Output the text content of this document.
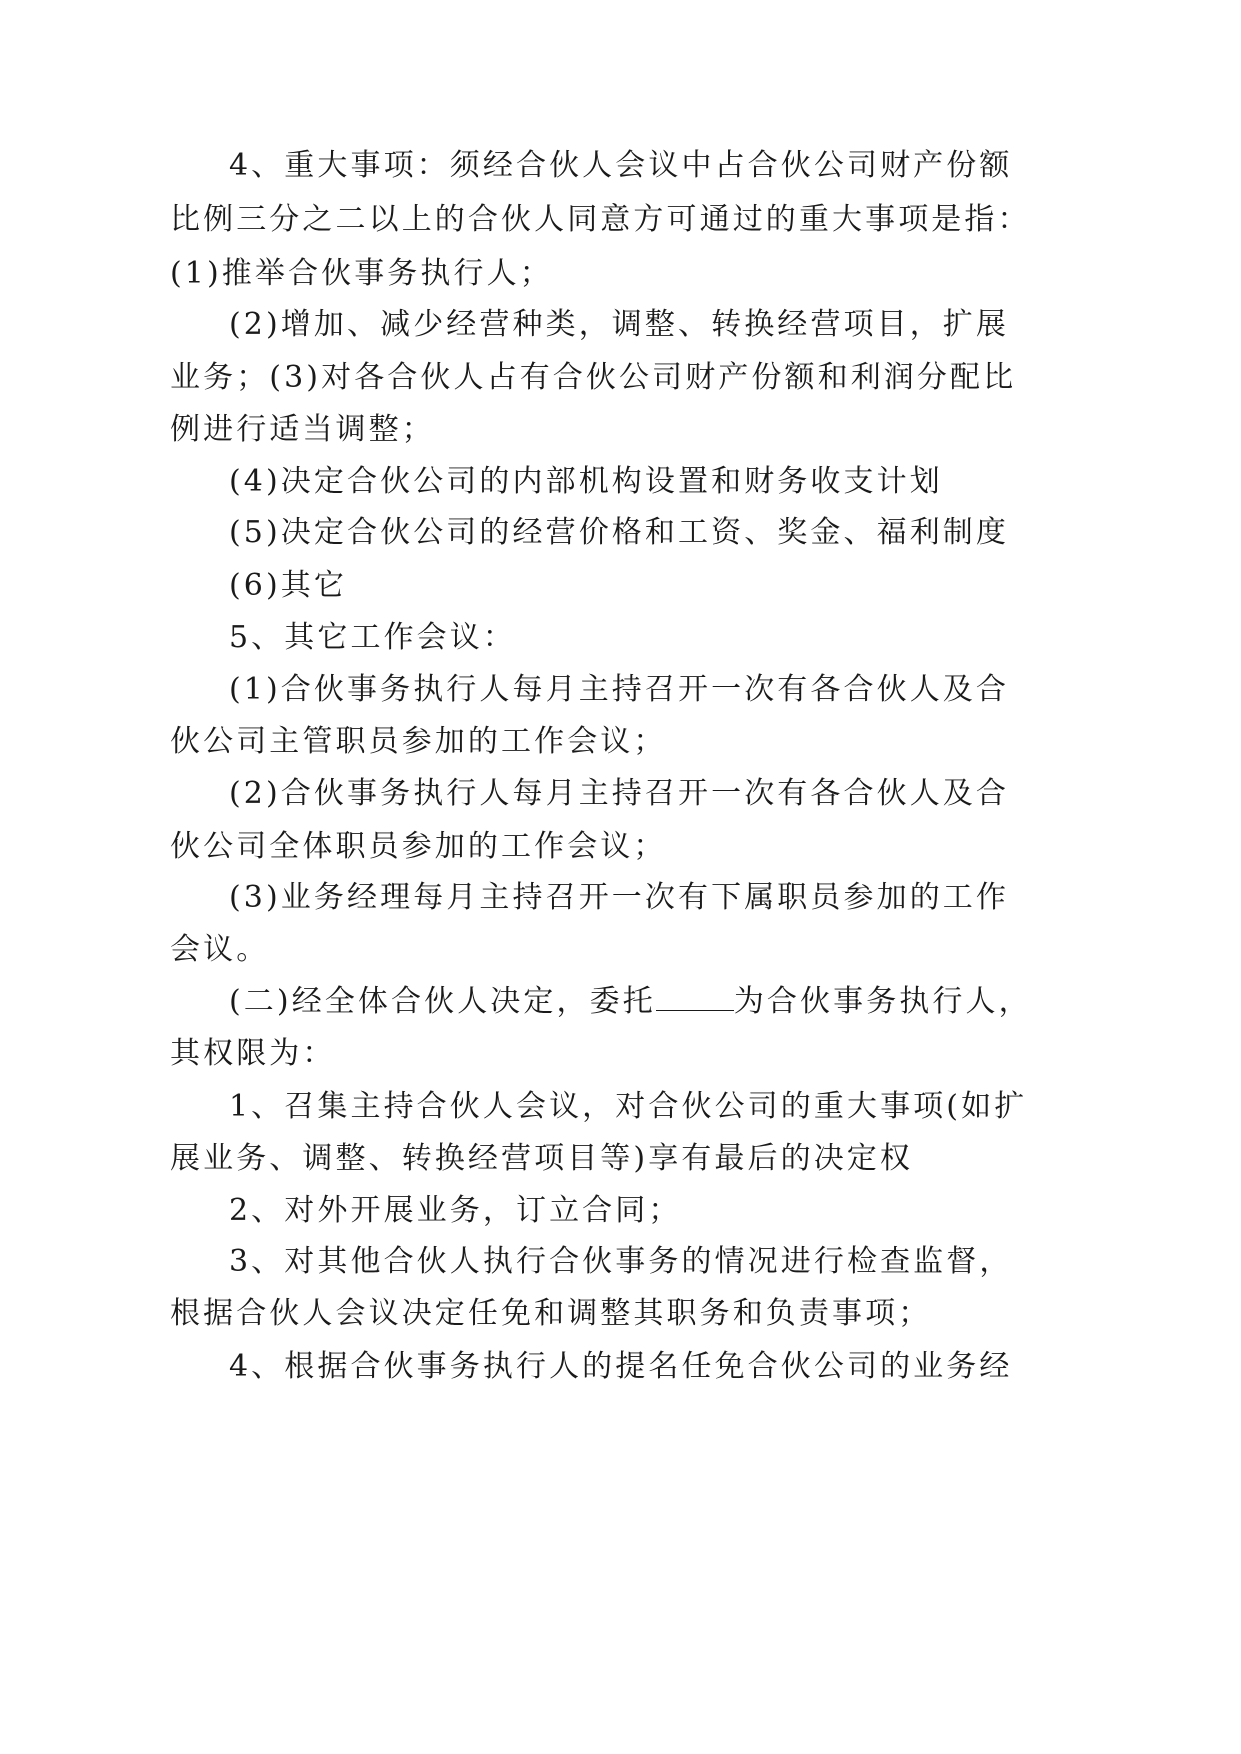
4、重大事项：须经合伙人会议中占合伙公司财产份额
比例三分之二以上的合伙人同意方可通过的重大事项是指：
(1)推举合伙事务执行人；
(2)增加、减少经营种类，调整、转换经营项目，扩展
业务；(3)对各合伙人占有合伙公司财产份额和利润分配比
例进行适当调整；
(4)决定合伙公司的内部机构设置和财务收支计划
(5)决定合伙公司的经营价格和工资、奖金、福利制度
(6)其它
5、其它工作会议：
(1)合伙事务执行人每月主持召开一次有各合伙人及合
伙公司主管职员参加的工作会议；
(2)合伙事务执行人每月主持召开一次有各合伙人及合
伙公司全体职员参加的工作会议；
(3)业务经理每月主持召开一次有下属职员参加的工作
会议。
(二)经全体合伙人决定，委托	为合伙事务执行人，
其权限为：
1、召集主持合伙人会议，对合伙公司的重大事项(如扩
展业务、调整、转换经营项目等)享有最后的决定权
2、对外开展业务，订立合同；
3、对其他合伙人执行合伙事务的情况进行检查监督，
根据合伙人会议决定任免和调整其职务和负责事项；
4、根据合伙事务执行人的提名任免合伙公司的业务经
